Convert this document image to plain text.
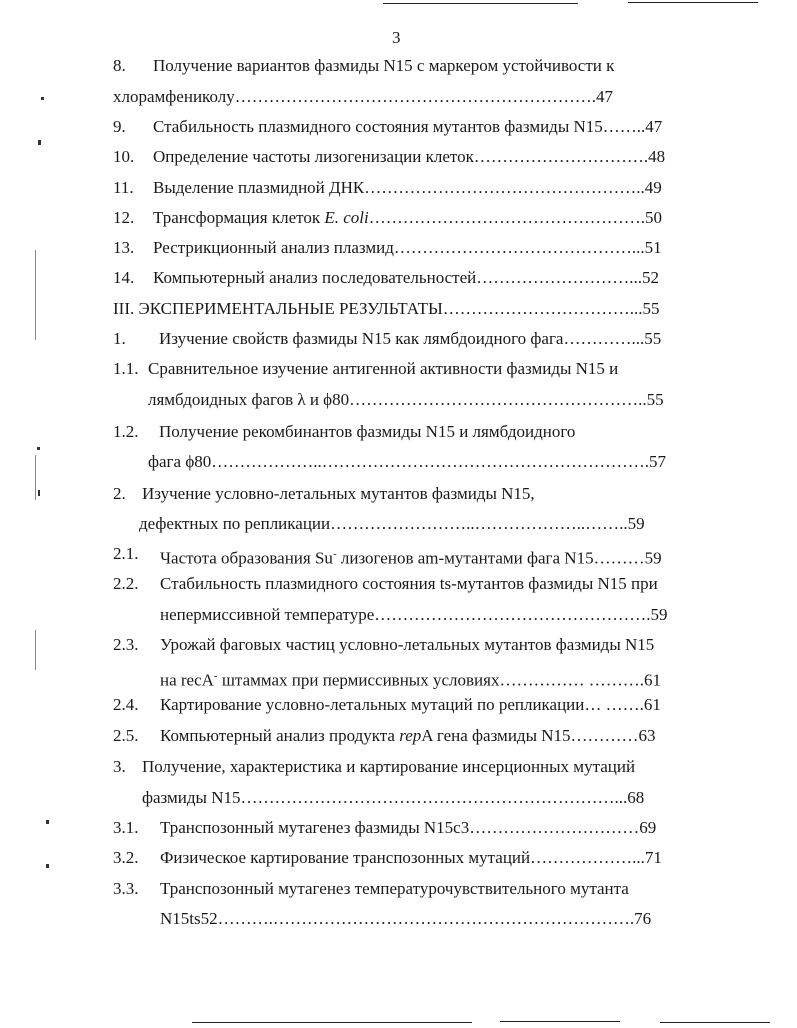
3
8. Получение вариантов фазмиды N15 с маркером устойчивости к
хлорамфениколу……………………………………………………….47
9. Стабильность плазмидного состояния мутантов фазмиды N15……..47
10. Определение частоты лизогенизации клеток………………………….48
11. Выделение плазмидной ДНК…………………………………………..49
12. Трансформация клеток E. coli………………………………………….50
13. Рестрикционный анализ плазмид……………………………………...51
14. Компьютерный анализ последовательностей………………………...52
III. ЭКСПЕРИМЕНТАЛЬНЫЕ РЕЗУЛЬТАТЫ……………………………...55
1. Изучение свойств фазмиды N15 как лямбдоидного фага…………...55
1.1. Сравнительное изучение антигенной активности фазмиды N15 и
лямбдоидных фагов λ и ϕ80……………………………………………..55
1.2. Получение рекомбинантов фазмиды N15 и лямбдоидного
фага ϕ80………………..………………………………………………….57
2. Изучение условно-летальных мутантов фазмиды N15,
дефектных по репликации……………………..………………..……..59
2.1. Частота образования Su- лизогенов am-мутантами фага N15………59
2.2. Стабильность плазмидного состояния ts-мутантов фазмиды N15 при
непермиссивной температуре………………………………………….59
2.3. Урожай фаговых частиц условно-летальных мутантов фазмиды N15
на recA- штаммах при пермиссивных условиях…………… ……….61
2.4. Картирование условно-летальных мутаций по репликации… …….61
2.5. Компьютерный анализ продукта repA гена фазмиды N15…………63
3. Получение, характеристика и картирование инсерционных мутаций
фазмиды N15…………………………………………………………...68
3.1. Транспозонный мутагенез фазмиды N15с3…………………………69
3.2. Физическое картирование транспозонных мутаций………………...71
3.3. Транспозонный мутагенез температурочувствительного мутанта
N15ts52……….……………………………………………………….76
